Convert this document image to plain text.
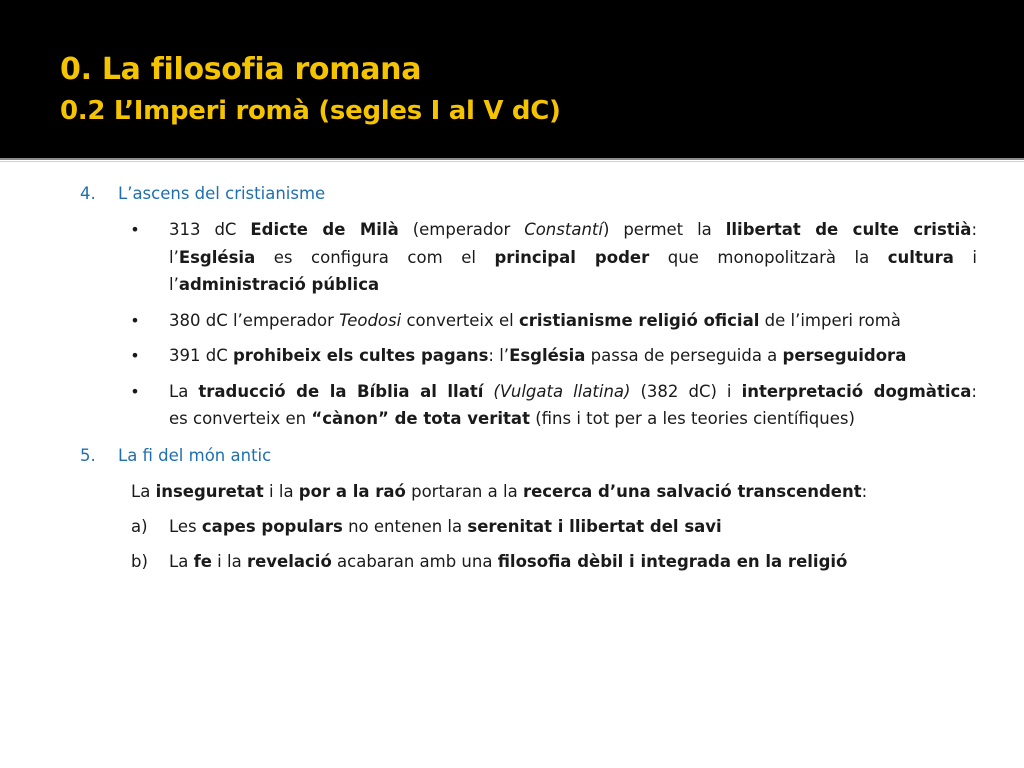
0. La filosofia romana
0.2 L’Imperi romà (segles I al V dC)
4.	L’ascens del cristianisme
• 313 dC Edicte de Milà (emperador Constantí) permet la llibertat de culte cristià:
l’Església es configura com el principal poder que monopolitzarà la cultura i
l’administració pública
• 380 dC l’emperador Teodosi converteix el cristianisme religió oficial de l’imperi romà
• 391 dC prohibeix els cultes pagans: l’Església passa de perseguida a perseguidora
• La traducció de la Bíblia al llatí (Vulgata llatina) (382 dC) i interpretació dogmàtica:
es converteix en “cànon” de tota veritat (fins i tot per a les teories científiques)
5.	La fi del món antic
La inseguretat i la por a la raó portaran a la recerca d’una salvació transcendent:
a) Les capes populars no entenen la serenitat i llibertat del savi
b) La fe i la revelació acabaran amb una filosofia dèbil i integrada en la religió
